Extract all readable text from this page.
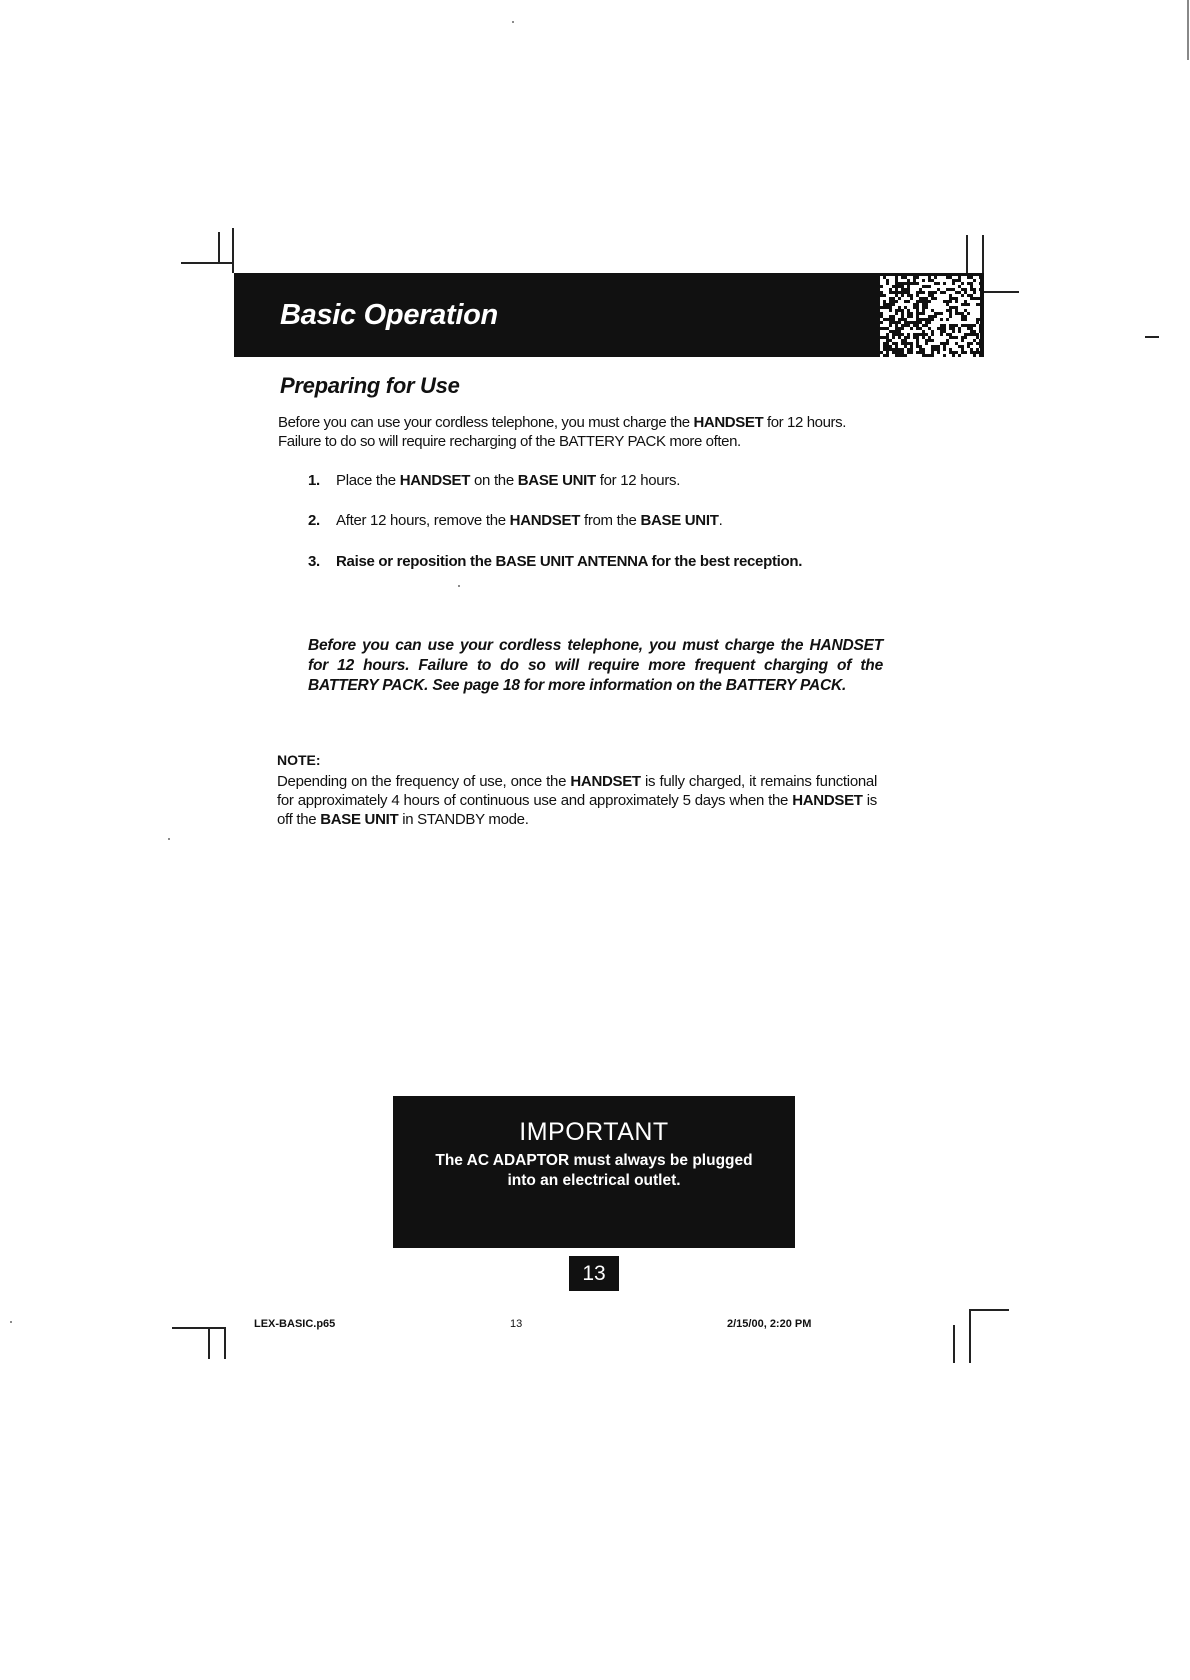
Basic Operation
Preparing for Use
Before you can use your cordless telephone, you must charge the HANDSET for 12 hours.
Failure to do so will require recharging of the BATTERY PACK more often.
1. Place the HANDSET on the BASE UNIT for 12 hours.
2. After 12 hours, remove the HANDSET from the BASE UNIT.
3. Raise or reposition the BASE UNIT ANTENNA for the best reception.
Before you can use your cordless telephone, you must charge the HANDSET for 12 hours. Failure to do so will require more frequent charging of the BATTERY PACK. See page 18 for more information on the BATTERY PACK.
NOTE:
Depending on the frequency of use, once the HANDSET is fully charged, it remains functional for approximately 4 hours of continuous use and approximately 5 days when the HANDSET is off the BASE UNIT in STANDBY mode.
IMPORTANT
The AC ADAPTOR must always be plugged
into an electrical outlet.
13
LEX-BASIC.p65	13	2/15/00, 2:20 PM
